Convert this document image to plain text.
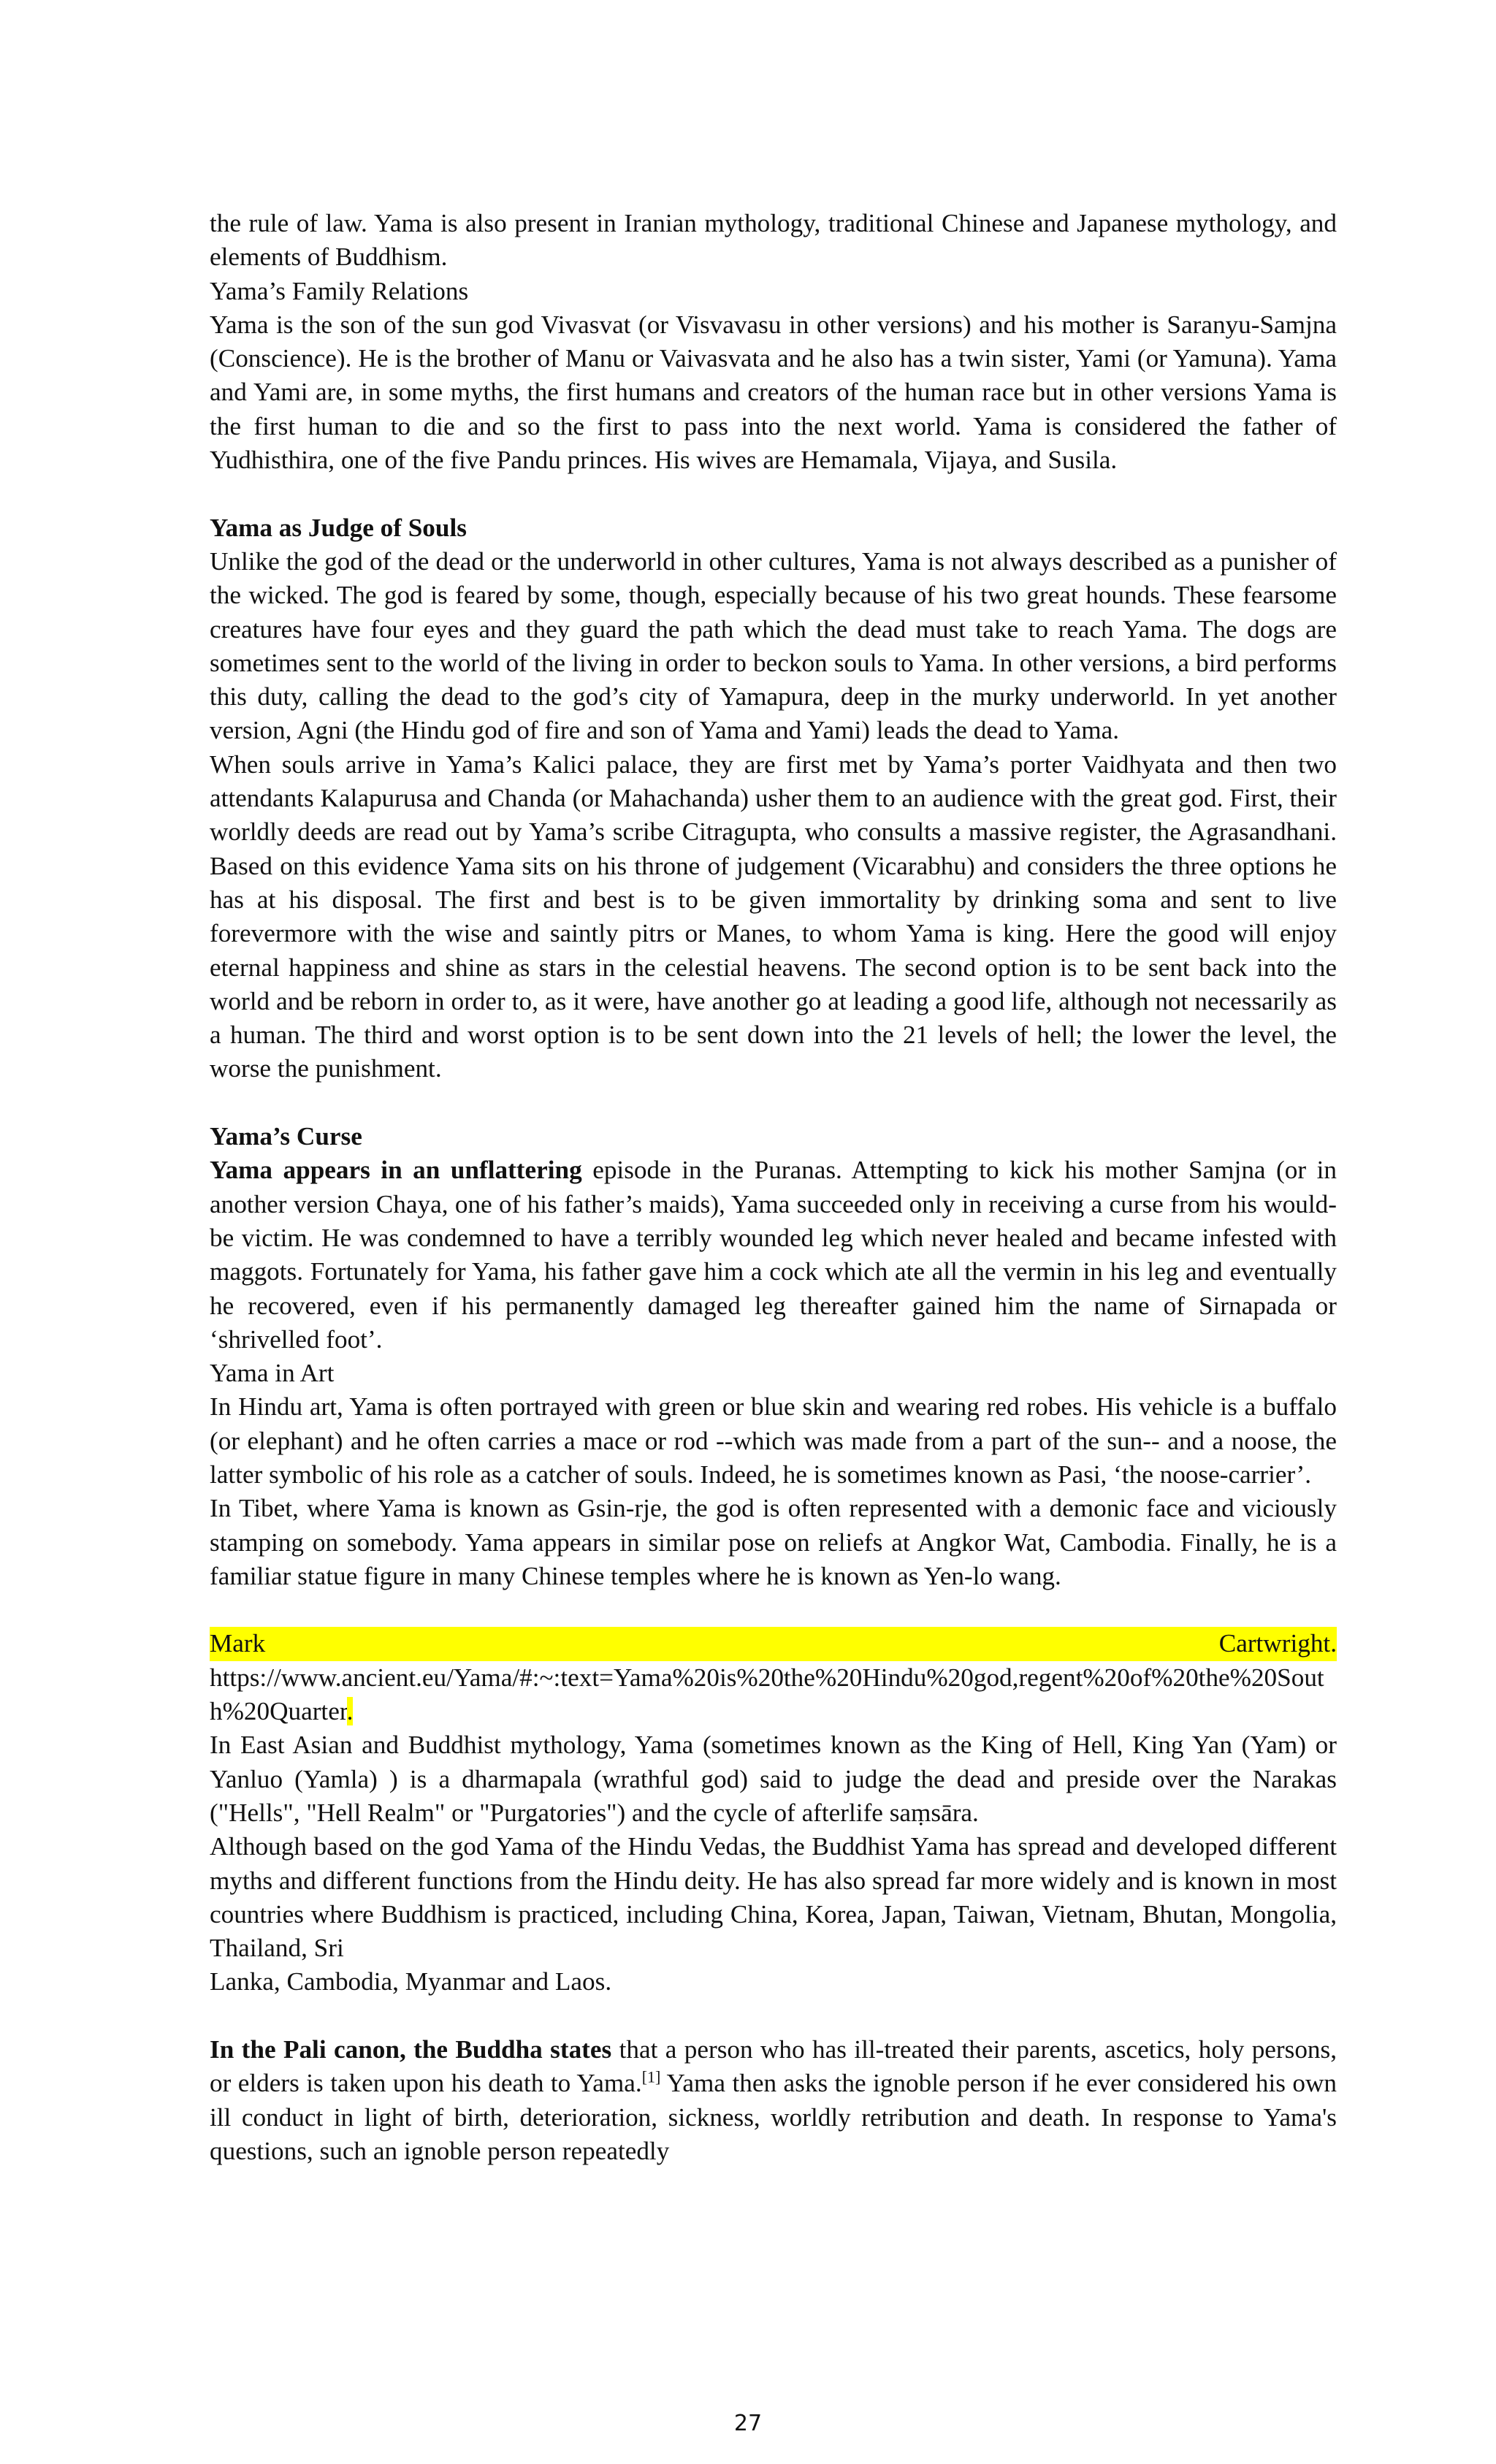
the rule of law. Yama is also present in Iranian mythology, traditional Chinese and Japanese mythology, and elements of Buddhism.

Yama’s Family Relations

Yama is the son of the sun god Vivasvat (or Visvavasu in other versions) and his mother is Saranyu-Samjna (Conscience). He is the brother of Manu or Vaivasvata and he also has a twin sister, Yami (or Yamuna). Yama and Yami are, in some myths, the first humans and creators of the human race but in other versions Yama is the first human to die and so the first to pass into the next world. Yama is considered the father of Yudhisthira, one of the five Pandu princes. His wives are Hemamala, Vijaya, and Susila.

Yama as Judge of Souls

Unlike the god of the dead or the underworld in other cultures, Yama is not always described as a punisher of the wicked. The god is feared by some, though, especially because of his two great hounds. These fearsome creatures have four eyes and they guard the path which the dead must take to reach Yama. The dogs are sometimes sent to the world of the living in order to beckon souls to Yama. In other versions, a bird performs this duty, calling the dead to the god’s city of Yamapura, deep in the murky underworld. In yet another version, Agni (the Hindu god of fire and son of Yama and Yami) leads the dead to Yama.

When souls arrive in Yama’s Kalici palace, they are first met by Yama’s porter Vaidhyata and then two attendants Kalapurusa and Chanda (or Mahachanda) usher them to an audience with the great god. First, their worldly deeds are read out by Yama’s scribe Citragupta, who consults a massive register, the Agrasandhani. Based on this evidence Yama sits on his throne of judgement (Vicarabhu) and considers the three options he has at his disposal. The first and best is to be given immortality by drinking soma and sent to live forevermore with the wise and saintly pitrs or Manes, to whom Yama is king. Here the good will enjoy eternal happiness and shine as stars in the celestial heavens. The second option is to be sent back into the world and be reborn in order to, as it were, have another go at leading a good life, although not necessarily as a human. The third and worst option is to be sent down into the 21 levels of hell; the lower the level, the worse the punishment.

Yama’s Curse

Yama appears in an unflattering episode in the Puranas. Attempting to kick his mother Samjna (or in another version Chaya, one of his father’s maids), Yama succeeded only in receiving a curse from his would-be victim. He was condemned to have a terribly wounded leg which never healed and became infested with maggots. Fortunately for Yama, his father gave him a cock which ate all the vermin in his leg and eventually he recovered, even if his permanently damaged leg thereafter gained him the name of Sirnapada or ‘shrivelled foot’.

Yama in Art

In Hindu art, Yama is often portrayed with green or blue skin and wearing red robes. His vehicle is a buffalo (or elephant) and he often carries a mace or rod --which was made from a part of the sun-- and a noose, the latter symbolic of his role as a catcher of souls. Indeed, he is sometimes known as Pasi, ‘the noose-carrier’.

In Tibet, where Yama is known as Gsin-rje, the god is often represented with a demonic face and viciously stamping on somebody. Yama appears in similar pose on reliefs at Angkor Wat, Cambodia. Finally, he is a familiar statue figure in many Chinese temples where he is known as Yen-lo wang.

Mark	Cartwright.

https://www.ancient.eu/Yama/#:~:text=Yama%20is%20the%20Hindu%20god,regent%20of%20the%20South%20Quarter.

In East Asian and Buddhist mythology, Yama (sometimes known as the King of Hell, King Yan (Yam) or Yanluo (Yamla) ) is a dharmapala (wrathful god) said to judge the dead and preside over the Narakas ("Hells", "Hell Realm" or "Purgatories") and the cycle of afterlife saṃsāra.

Although based on the god Yama of the Hindu Vedas, the Buddhist Yama has spread and developed different myths and different functions from the Hindu deity. He has also spread far more widely and is known in most countries where Buddhism is practiced, including China, Korea, Japan, Taiwan, Vietnam, Bhutan, Mongolia, Thailand, Sri

Lanka, Cambodia, Myanmar and Laos.

In the Pali canon, the Buddha states that a person who has ill-treated their parents, ascetics, holy persons, or elders is taken upon his death to Yama.[1] Yama then asks the ignoble person if he ever considered his own ill conduct in light of birth, deterioration, sickness, worldly retribution and death. In response to Yama's questions, such an ignoble person repeatedly

27
